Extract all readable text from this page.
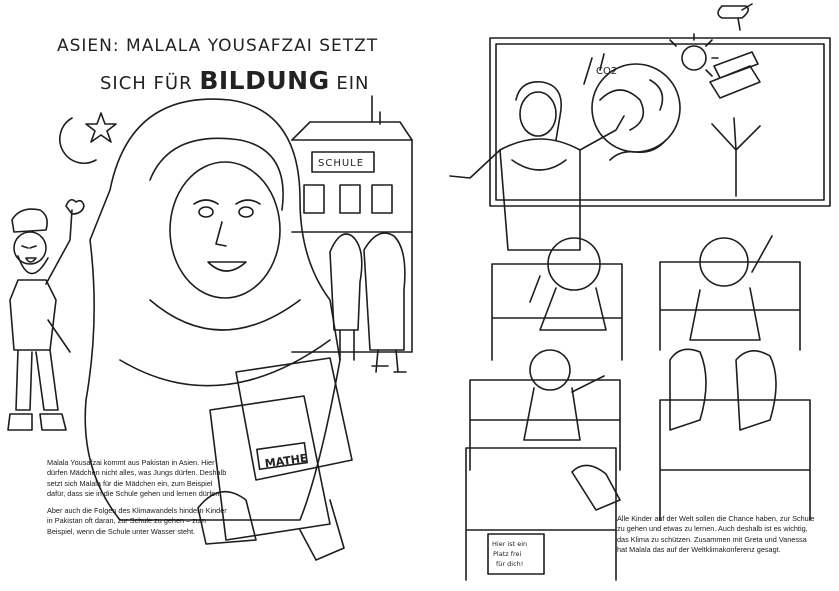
SCHULE
MATHE
CO2
Hier ist ein
Platz frei
für dich!
ASIEN: MALALA YOUSAFZAI SETZT
SICH FÜR BILDUNG EIN

Malala Yousafzai kommt aus Pakistan in Asien. Hier dürfen Mädchen nicht alles, was Jungs dürfen. Deshalb setzt sich Malala für die Mädchen ein, zum Beispiel dafür, dass sie in die Schule gehen und lernen dürfen.

Aber auch die Folgen des Klimawandels hindern Kinder in Pakistan oft daran, zur Schule zu gehen – zum Beispiel, wenn die Schule unter Wasser steht.

Alle Kinder auf der Welt sollen die Chance haben, zur Schule zu gehen und etwas zu lernen. Auch deshalb ist es wichtig, das Klima zu schützen. Zusammen mit Greta und Vanessa hat Malala das auf der Weltklimakonferenz gesagt.
